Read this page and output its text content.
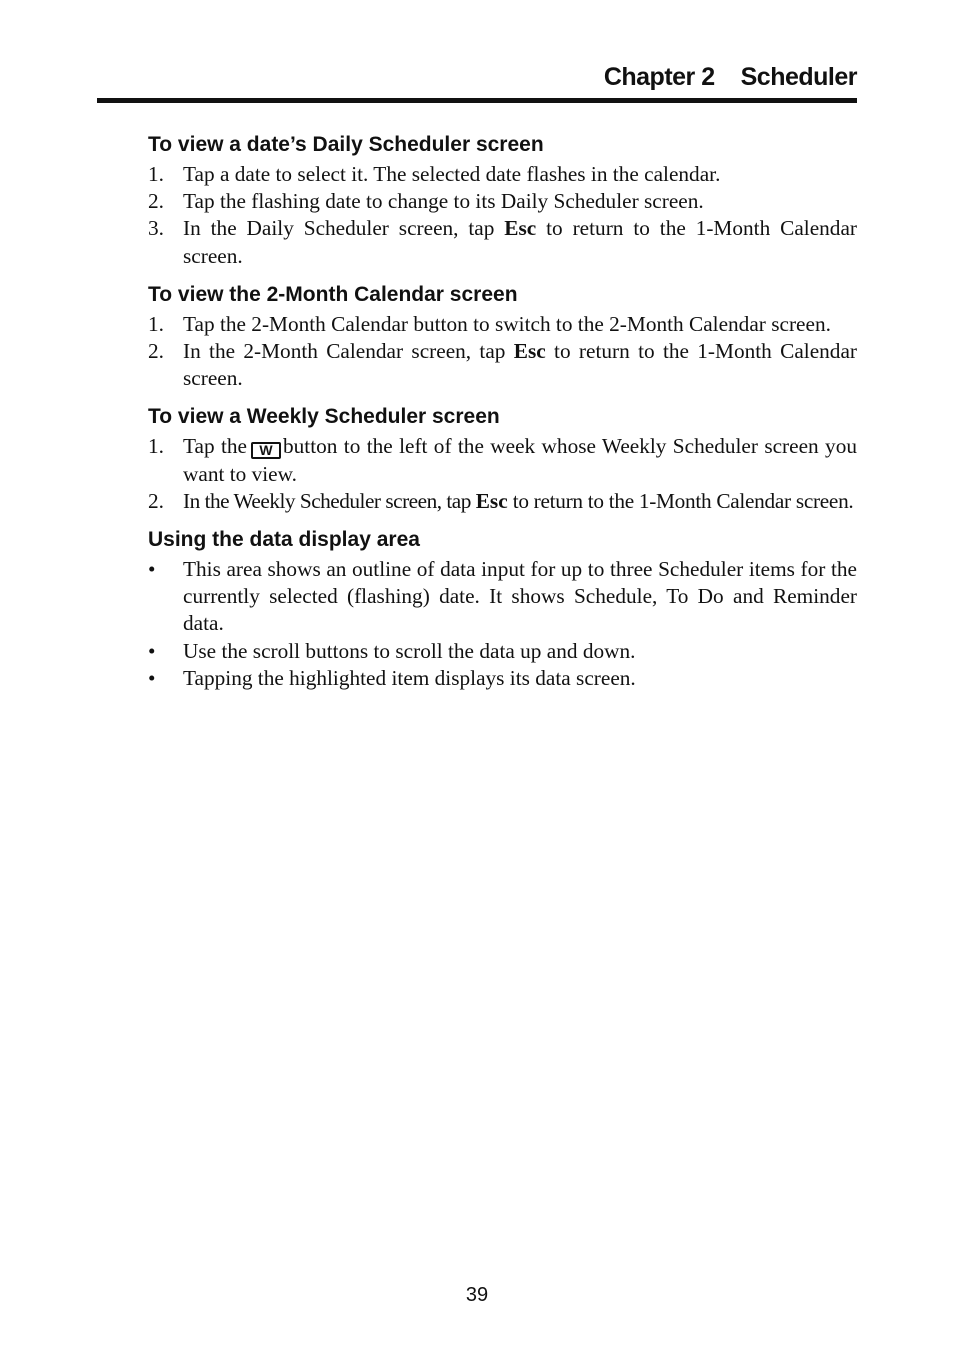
Chapter 2 Scheduler
To view a date’s Daily Scheduler screen
1. Tap a date to select it. The selected date flashes in the calendar.
2. Tap the flashing date to change to its Daily Scheduler screen.
3. In the Daily Scheduler screen, tap Esc to return to the 1-Month Calendar screen.
To view the 2-Month Calendar screen
1. Tap the 2-Month Calendar button to switch to the 2-Month Calendar screen.
2. In the 2-Month Calendar screen, tap Esc to return to the 1-Month Calendar screen.
To view a Weekly Scheduler screen
1. Tap the W button to the left of the week whose Weekly Scheduler screen you want to view.
2. In the Weekly Scheduler screen, tap Esc to return to the 1-Month Calendar screen.
Using the data display area
• This area shows an outline of data input for up to three Scheduler items for the currently selected (flashing) date. It shows Schedule, To Do and Reminder data.
• Use the scroll buttons to scroll the data up and down.
• Tapping the highlighted item displays its data screen.
39
